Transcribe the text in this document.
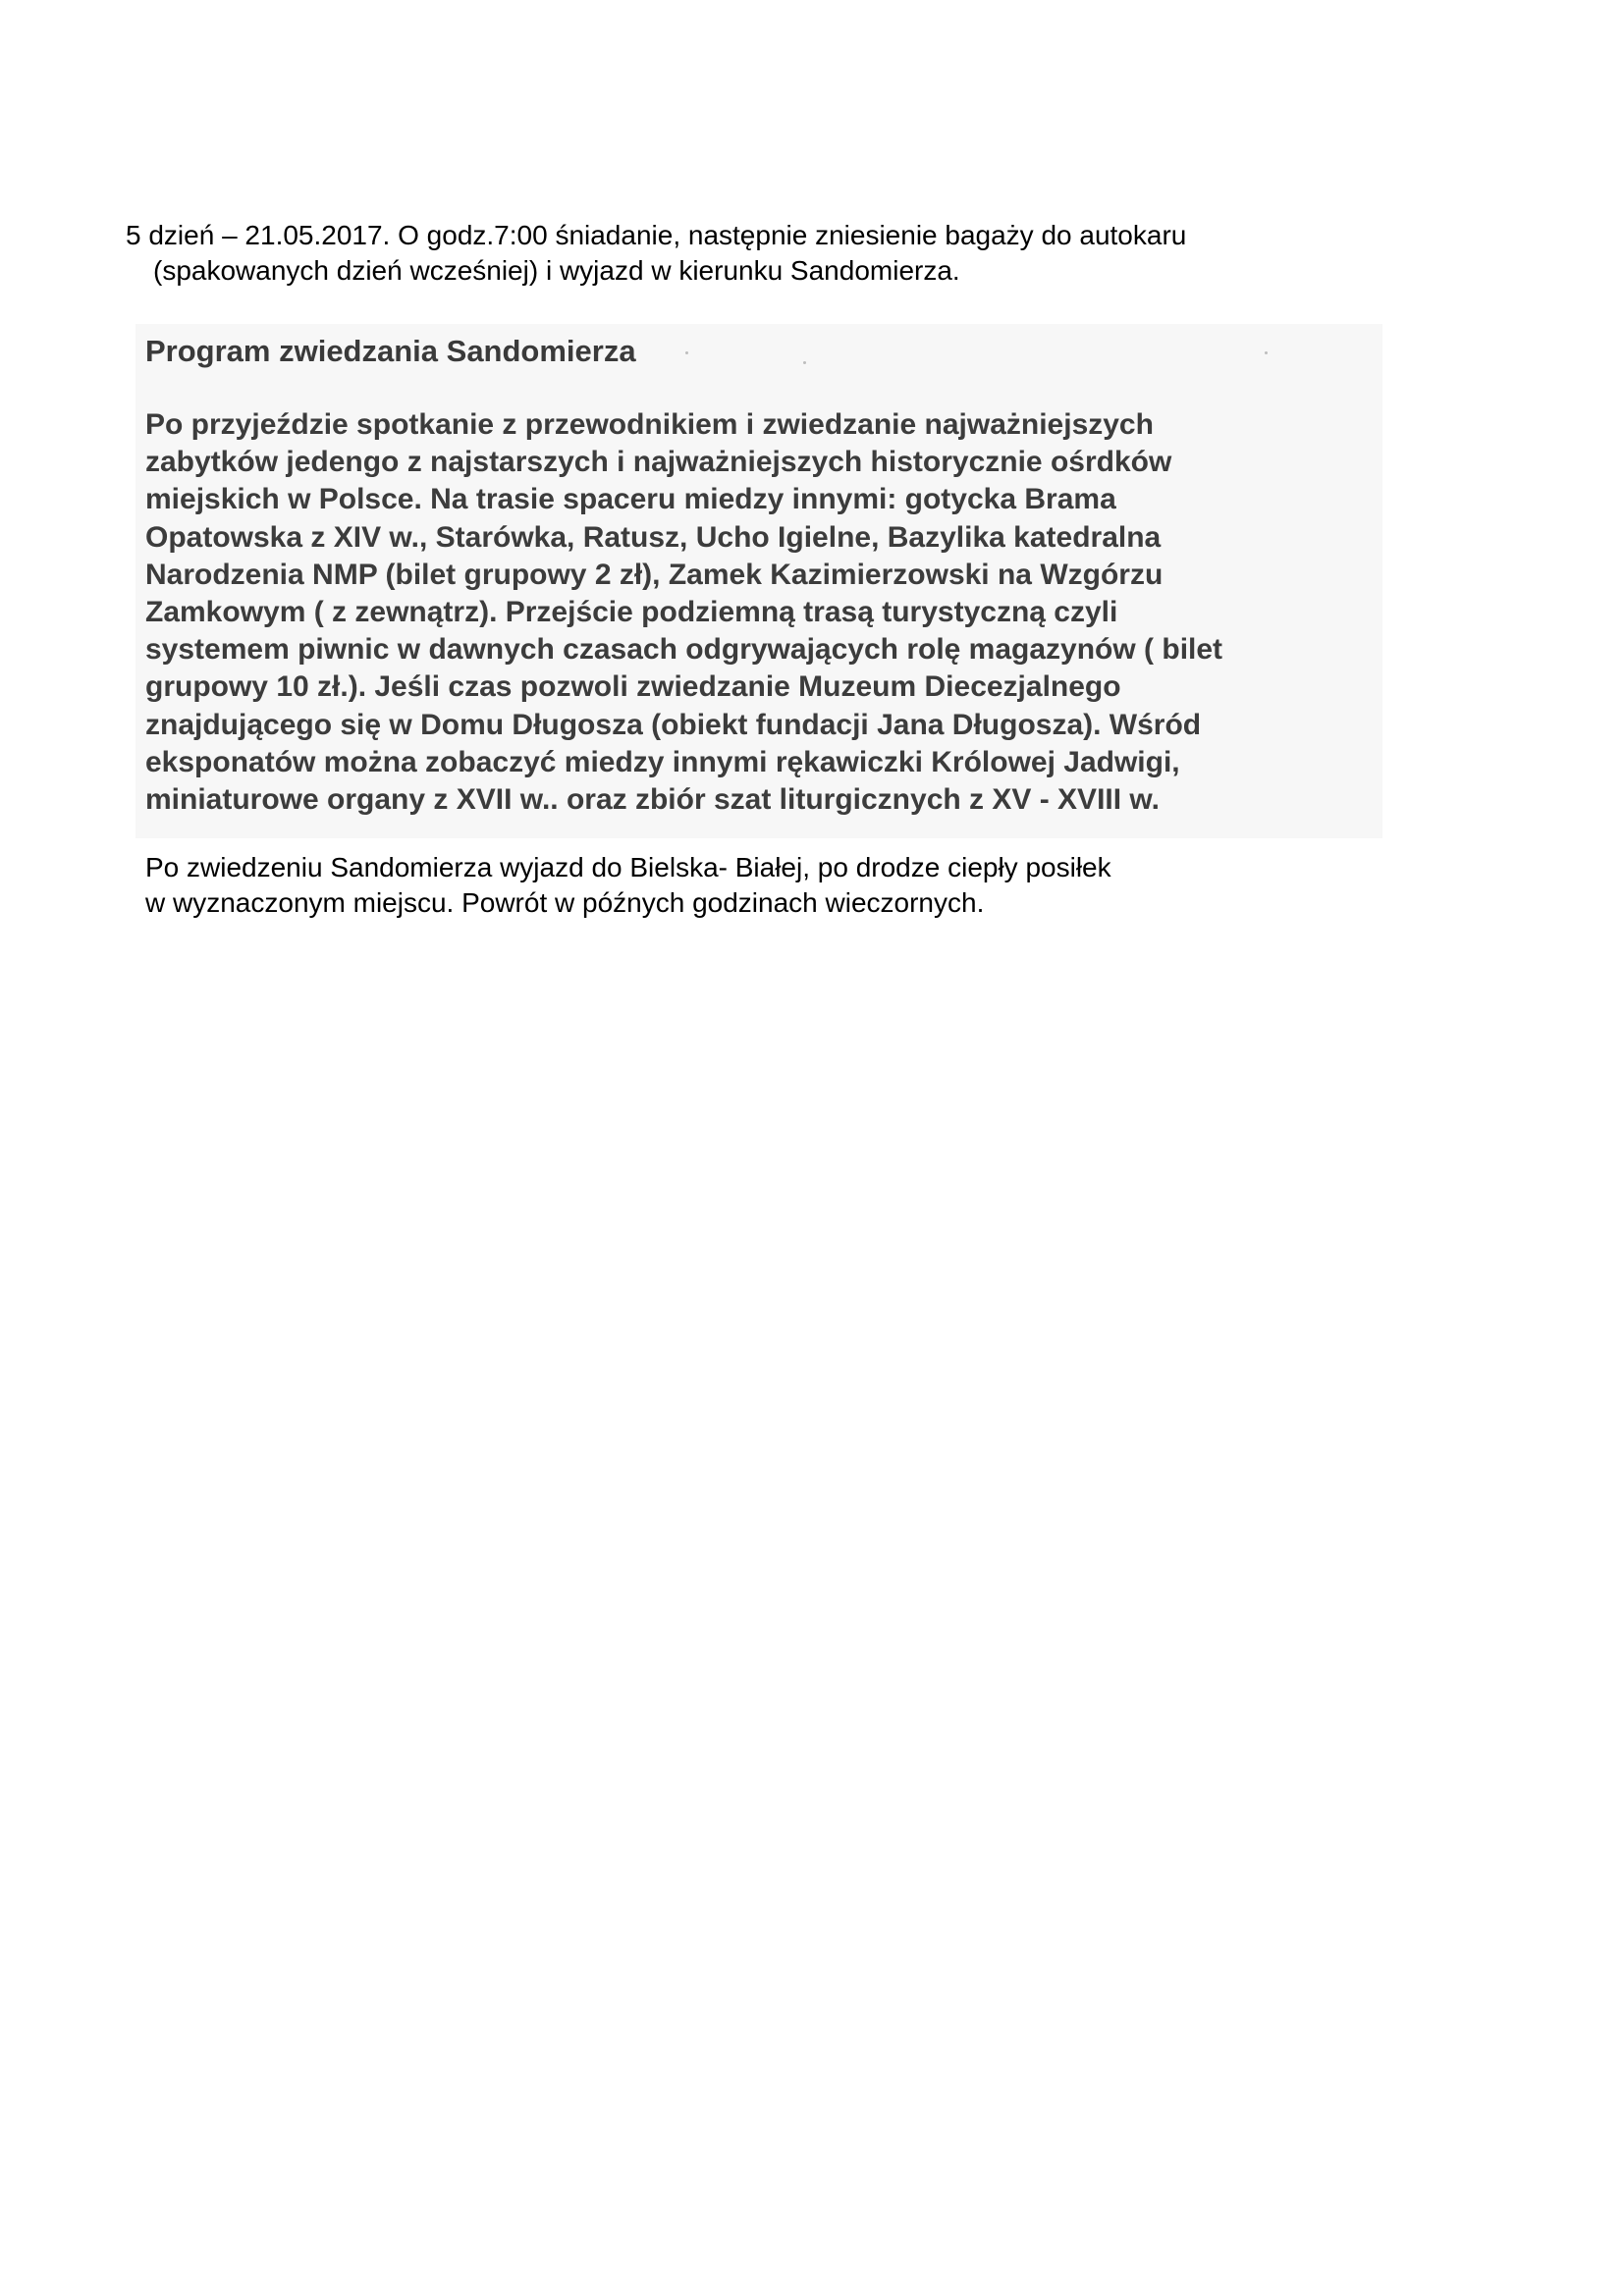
5 dzień – 21.05.2017. O godz.7:00 śniadanie, następnie zniesienie bagaży do autokaru
(spakowanych dzień wcześniej) i wyjazd w kierunku Sandomierza.
Program zwiedzania Sandomierza
Po przyjeździe spotkanie z przewodnikiem i zwiedzanie najważniejszych
zabytków jedengo z najstarszych i najważniejszych historycznie ośrdków
miejskich w Polsce. Na trasie spaceru miedzy innymi: gotycka Brama
Opatowska z XIV w., Starówka, Ratusz, Ucho Igielne, Bazylika katedralna
Narodzenia NMP (bilet grupowy 2 zł), Zamek Kazimierzowski na Wzgórzu
Zamkowym ( z zewnątrz). Przejście podziemną trasą turystyczną czyli
systemem piwnic w dawnych czasach odgrywających rolę magazynów ( bilet
grupowy 10 zł.). Jeśli czas pozwoli zwiedzanie Muzeum Diecezjalnego
znajdującego się w Domu Długosza (obiekt fundacji Jana Długosza). Wśród
eksponatów można zobaczyć miedzy innymi rękawiczki Królowej Jadwigi,
miniaturowe organy z XVII w.. oraz zbiór szat liturgicznych z XV - XVIII w.
Po zwiedzeniu Sandomierza wyjazd do Bielska- Białej, po drodze ciepły posiłek
w wyznaczonym miejscu. Powrót w późnych godzinach wieczornych.
